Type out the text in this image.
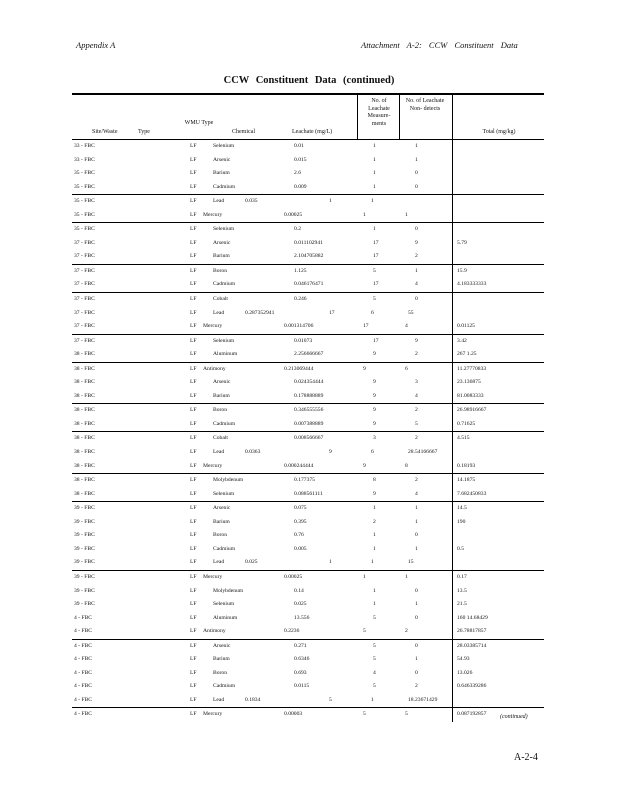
Appendix A	Attachment A-2: CCW Constituent Data
CCW Constituent Data (continued)
Site/Waste	Type
WMU Type
Chemical	Leachate (mg/L)
No. of Leachate Measure- ments
No. of Leachate Non- detects
Total (mg/kg)
33 - FBC	LF	Selenium	0.01	1	1
33 - FBC	LF	Arsenic	0.015	1	1
35 - FBC	LF	Barium	2.6	1	0
35 - FBC	LF	Cadmium	0.009	1	0
35 - FBC	LF	Lead	0.035	1	1
35 - FBC	LF Mercury	0.00025	1	1
35 - FBC	LF	Selenium	0.2	1	0
37 - FBC	LF	Arsenic	0.011102941	17	9	5.79
37 - FBC	LF	Barium	2.104705882	17	2
37 - FBC	LF	Boron	1.125	5	1	15.9
37 - FBC	LF	Cadmium	0.046176471	17	4	4.183333333
37 - FBC	LF	Cobalt	0.246	5	0
37 - FBC	LF	Lead	0.287352941	17	6	55
37 - FBC	LF Mercury	0.001314706	17	4	0.01125
37 - FBC	LF	Selenium	0.01073	17	9	3.42
38 - FBC	LF	Aluminum	2.256666667	9	2	267 1.25
38 - FBC	LF Antimony	0.213069444	9	6	11.27770833
38 - FBC	LF	Arsenic	0.024354444	9	3	23.136875
38 - FBC	LF	Barium	0.178888889	9	4	81.0083333
38 - FBC	LF	Boron	0.346555556	9	2	26.98916667
38 - FBC	LF	Cadmium	0.007388889	9	5	0.71625
38 - FBC	LF	Cobalt	0.008566667	3	2	4.515
38 - FBC	LF	Lead	0.0363	9	6	28.54166667
38 - FBC	LF Mercury	0.000244444	9	8	0.18193
38 - FBC	LF	Molybdenum	0.177375	8	2	14.1875
38 - FBC	LF	Selenium	0.088561111	9	4	7.682450833
39 - FBC	LF	Arsenic	0.075	1	1	14.5
39 - FBC	LF	Barium	0.395	2	1	190
39 - FBC	LF	Boron	0.76	1	0
39 - FBC	LF	Cadmium	0.005	1	1	0.5
39 - FBC	LF	Lead	0.025	1	1	15
39 - FBC	LF Mercury	0.00025	1	1	0.17
39 - FBC	LF	Molybdenum	0.14	1	0	13.5
39 - FBC	LF	Selenium	0.025	1	1	21.5
4 - FBC	LF	Aluminum	13.556	5	0	160 14.68429
4 - FBC	LF Antimony	0.2236	5	2	26.78817857
4 - FBC	LF	Arsenic	0.271	5	0	28.03385714
4 - FBC	LF	Barium	0.6346	5	1	54.93
4 - FBC	LF	Boron	0.693	4	0	13.026
4 - FBC	LF	Cadmium	0.0115	5	2	0.646339286
4 - FBC	LF	Lead	0.1834	5	1	18.23671429
4 - FBC	LF Mercury	0.00003	5	5	0.087192857 (continued)
A-2-4
